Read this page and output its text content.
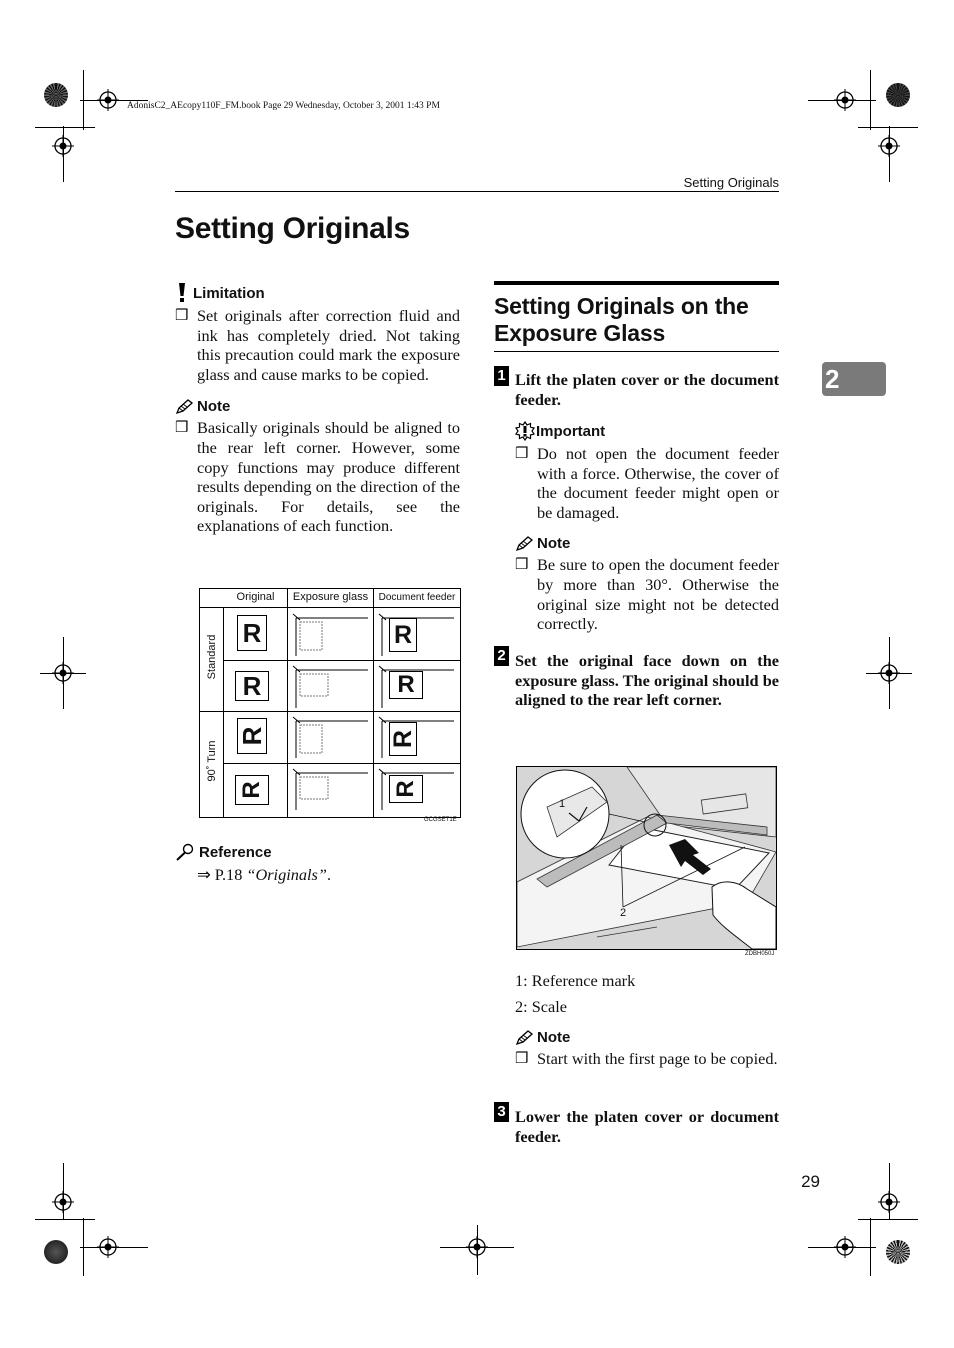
AdonisC2_AEcopy110F_FM.book Page 29 Wednesday, October 3, 2001 1:43 PM
Setting Originals
Setting Originals
2
Limitation
❒ Set originals after correction fluid and ink has completely dried. Not taking this precaution could mark the exposure glass and cause marks to be copied.
Note
❒ Basically originals should be aligned to the rear left corner. However, some copy functions may produce different results depending on the direction of the originals. For details, see the explanations of each function.
Original	Exposure glass	Document feeder
Standard
90˚ Turn
R
R
R
R
R
R
R
R
GCGSET1E
Reference
⇒ P.18 “Originals”.
Setting Originals on the Exposure Glass
1 Lift the platen cover or the document feeder.
Important
❒ Do not open the document feeder with a force. Otherwise, the cover of the document feeder might open or be damaged.
Note
❒ Be sure to open the document feeder by more than 30°. Otherwise the original size might not be detected correctly.
2 Set the original face down on the exposure glass. The original should be aligned to the rear left corner.
1
2
ZDBH050J
1: Reference mark
2: Scale
Note
❒ Start with the first page to be copied.
3 Lower the platen cover or document feeder.
29
